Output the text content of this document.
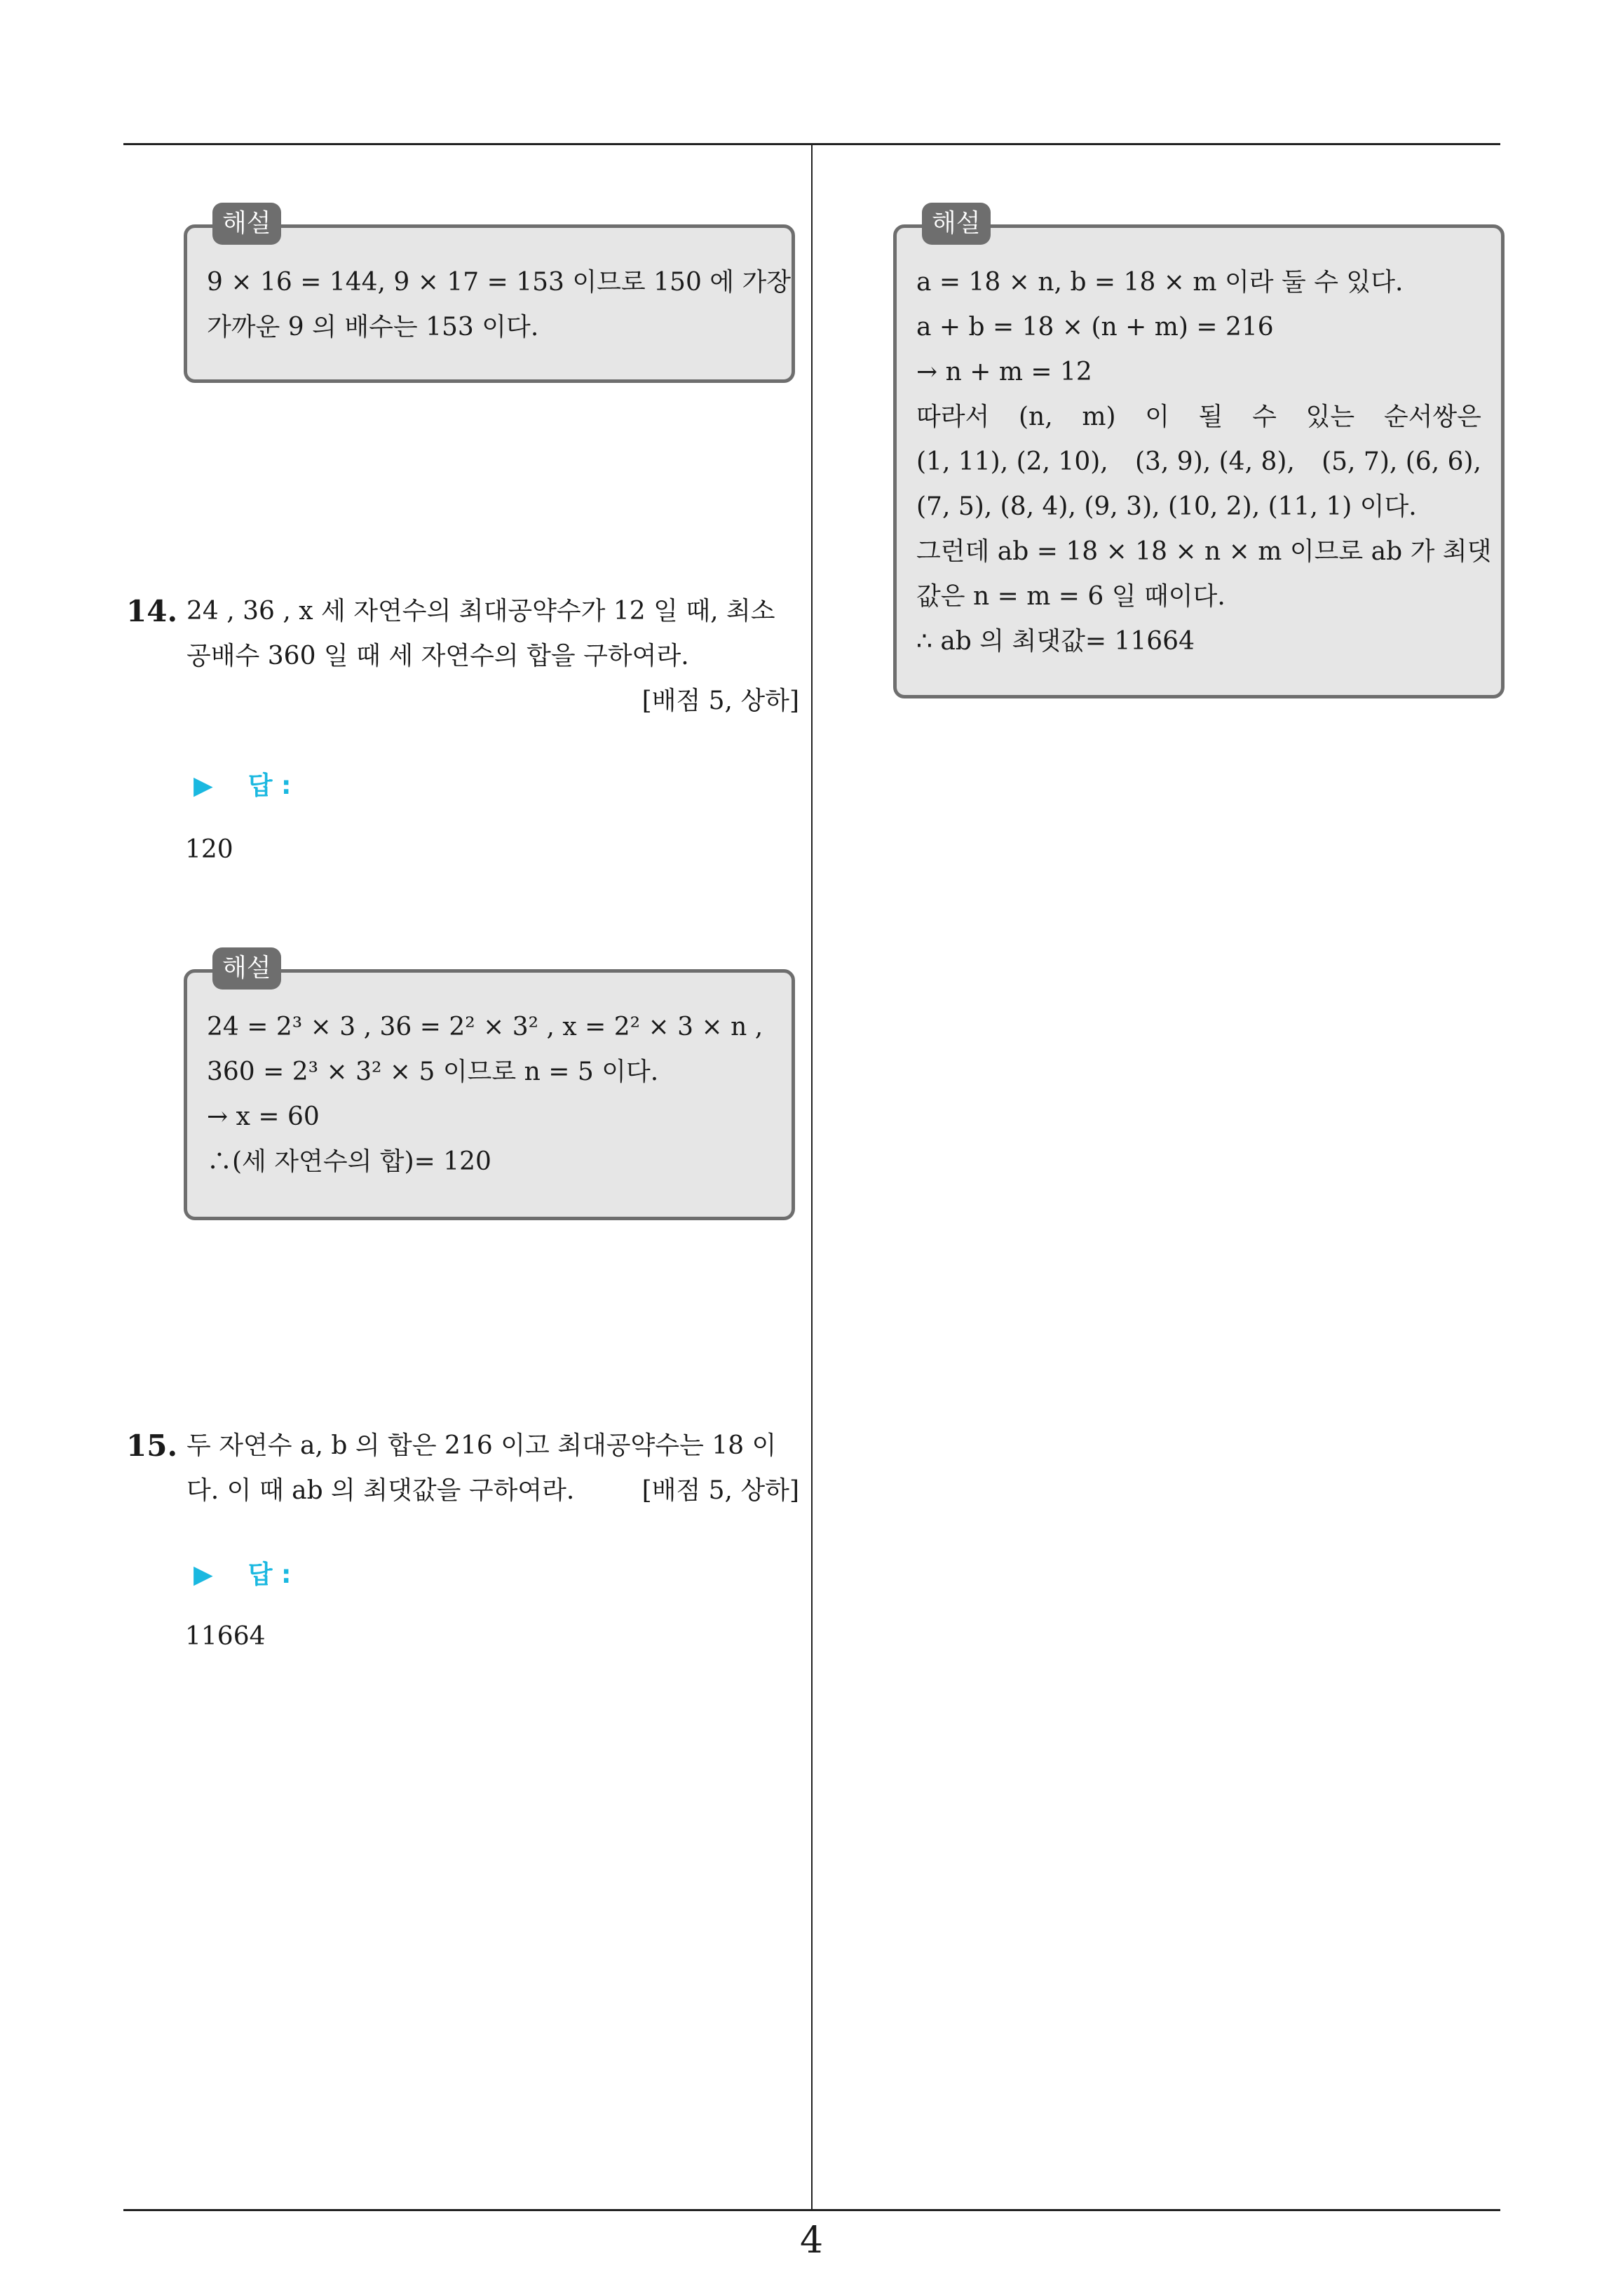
해설

9 × 16 = 144, 9 × 17 = 153 이므로 150 에 가장

가까운 9 의 배수는 153 이다.

14. 24 , 36 , x 세 자연수의 최대공약수가 12 일 때, 최소
공배수 360 일 때 세 자연수의 합을 구하여라.
[배점 5, 상하]
▶ 답 :
120
해설

24 = 2³ × 3 , 36 = 2² × 3² , x = 2² × 3 × n ,

360 = 2³ × 3² × 5 이므로 n = 5 이다.

→ x = 60

∴(세 자연수의 합)= 120

15. 두 자연수 a, b 의 합은 216 이고 최대공약수는 18 이
다. 이 때 ab 의 최댓값을 구하여라.	[배점 5, 상하]
▶ 답 :
11664
해설

a = 18 × n, b = 18 × m 이라 둘 수 있다.

a + b = 18 × (n + m) = 216

→ n + m = 12

따라서 (n, m) 이 될 수 있는 순서쌍은
(1, 11), (2, 10), (3, 9), (4, 8), (5, 7), (6, 6),

(7, 5), (8, 4), (9, 3), (10, 2), (11, 1) 이다.

그런데 ab = 18 × 18 × n × m 이므로 ab 가 최댓

값은 n = m = 6 일 때이다.

∴ ab 의 최댓값= 11664

4
